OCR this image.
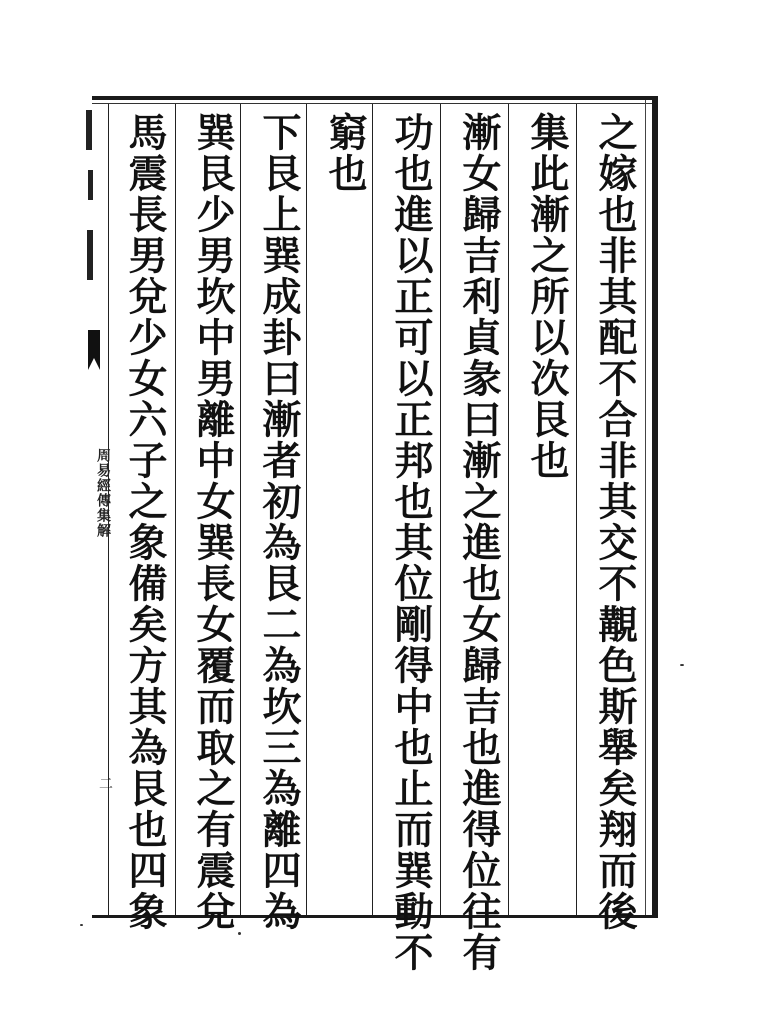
周易經傳集解
二	之嫁也非其配不合非其交不覯色斯舉矣翔而後
集此漸之所以次艮也
漸女歸吉利貞彖曰漸之進也女歸吉也進得位往有
功也進以正可以正邦也其位剛得中也止而巽動不
窮也
下艮上巽成卦曰漸者初為艮二為坎三為離四為
巽艮少男坎中男離中女巽長女覆而取之有震兌
馬震長男兌少女六子之象備矣方其為艮也四象
